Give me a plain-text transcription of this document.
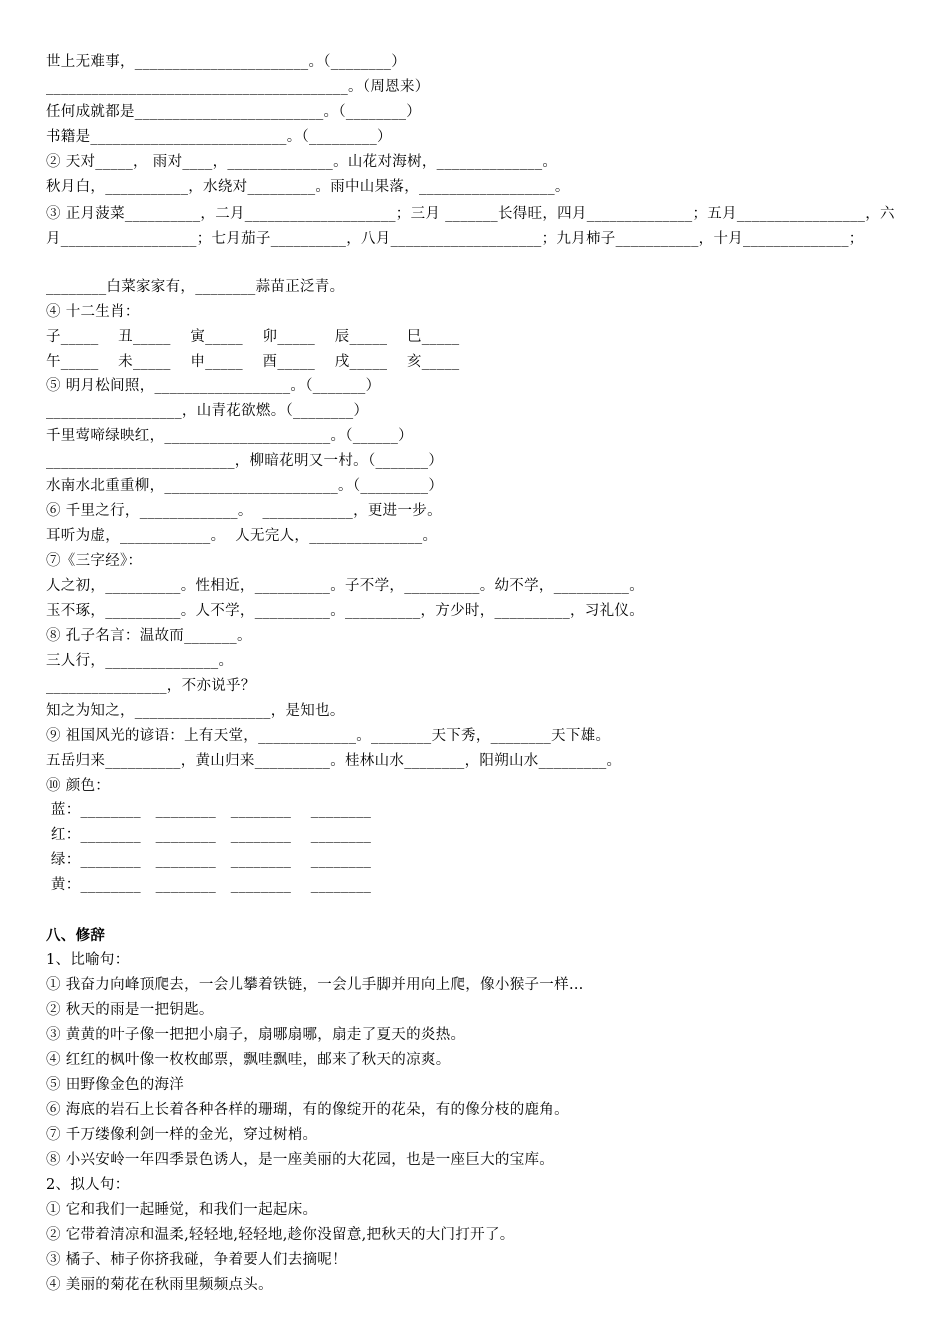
世上无难事，_______________________。（________）
________________________________________。（周恩来）
任何成就都是_________________________。（________）
书籍是__________________________。（_________）
② 天对_____， 雨对____，______________。山花对海树，______________。
秋月白，___________，水绕对_________。雨中山果落，__________________。
③ 正月菠菜__________，二月____________________；三月 _______长得旺，四月______________；五月_________________，六月__________________；七月茄子__________，八月____________________；九月柿子___________，十月______________；
________白菜家家有，________蒜苗正泛青。
④ 十二生肖：
子_____    丑_____    寅_____    卯_____    辰_____    巳_____
午_____    未_____    申_____    酉_____    戌_____    亥_____
⑤ 明月松间照，__________________。（_______）
__________________，山青花欲燃。（________）
千里莺啼绿映红，______________________。（______）
_________________________，柳暗花明又一村。（_______）
水南水北重重柳，_______________________。（_________）
⑥ 千里之行，_____________。  ____________，更进一步。
耳听为虚，____________。  人无完人，_______________。
⑦《三字经》：
人之初，__________。性相近，__________。子不学，__________。幼不学，__________。
玉不琢，__________。人不学，__________。__________，方少时，__________，习礼仪。
⑧ 孔子名言：温故而_______。
三人行，_______________。
________________，不亦说乎？
知之为知之，__________________，是知也。
⑨ 祖国风光的谚语：上有天堂，_____________。________天下秀，________天下雄。
五岳归来__________，黄山归来__________。桂林山水________，阳朔山水_________。
⑩ 颜色：
蓝：________   ________   ________    ________
红：________   ________   ________    ________
绿：________   ________   ________    ________
黄：________   ________   ________    ________
八、修辞
1、比喻句：
① 我奋力向峰顶爬去，一会儿攀着铁链，一会儿手脚并用向上爬，像小猴子一样…
② 秋天的雨是一把钥匙。
③ 黄黄的叶子像一把把小扇子，扇哪扇哪，扇走了夏天的炎热。
④ 红红的枫叶像一枚枚邮票，飘哇飘哇，邮来了秋天的凉爽。
⑤ 田野像金色的海洋
⑥ 海底的岩石上长着各种各样的珊瑚，有的像绽开的花朵，有的像分枝的鹿角。
⑦ 千万缕像利剑一样的金光，穿过树梢。
⑧ 小兴安岭一年四季景色诱人，是一座美丽的大花园，也是一座巨大的宝库。
2、拟人句：
① 它和我们一起睡觉，和我们一起起床。
② 它带着清凉和温柔,轻轻地,轻轻地,趁你没留意,把秋天的大门打开了。
③ 橘子、柿子你挤我碰，争着要人们去摘呢！
④ 美丽的菊花在秋雨里频频点头。
